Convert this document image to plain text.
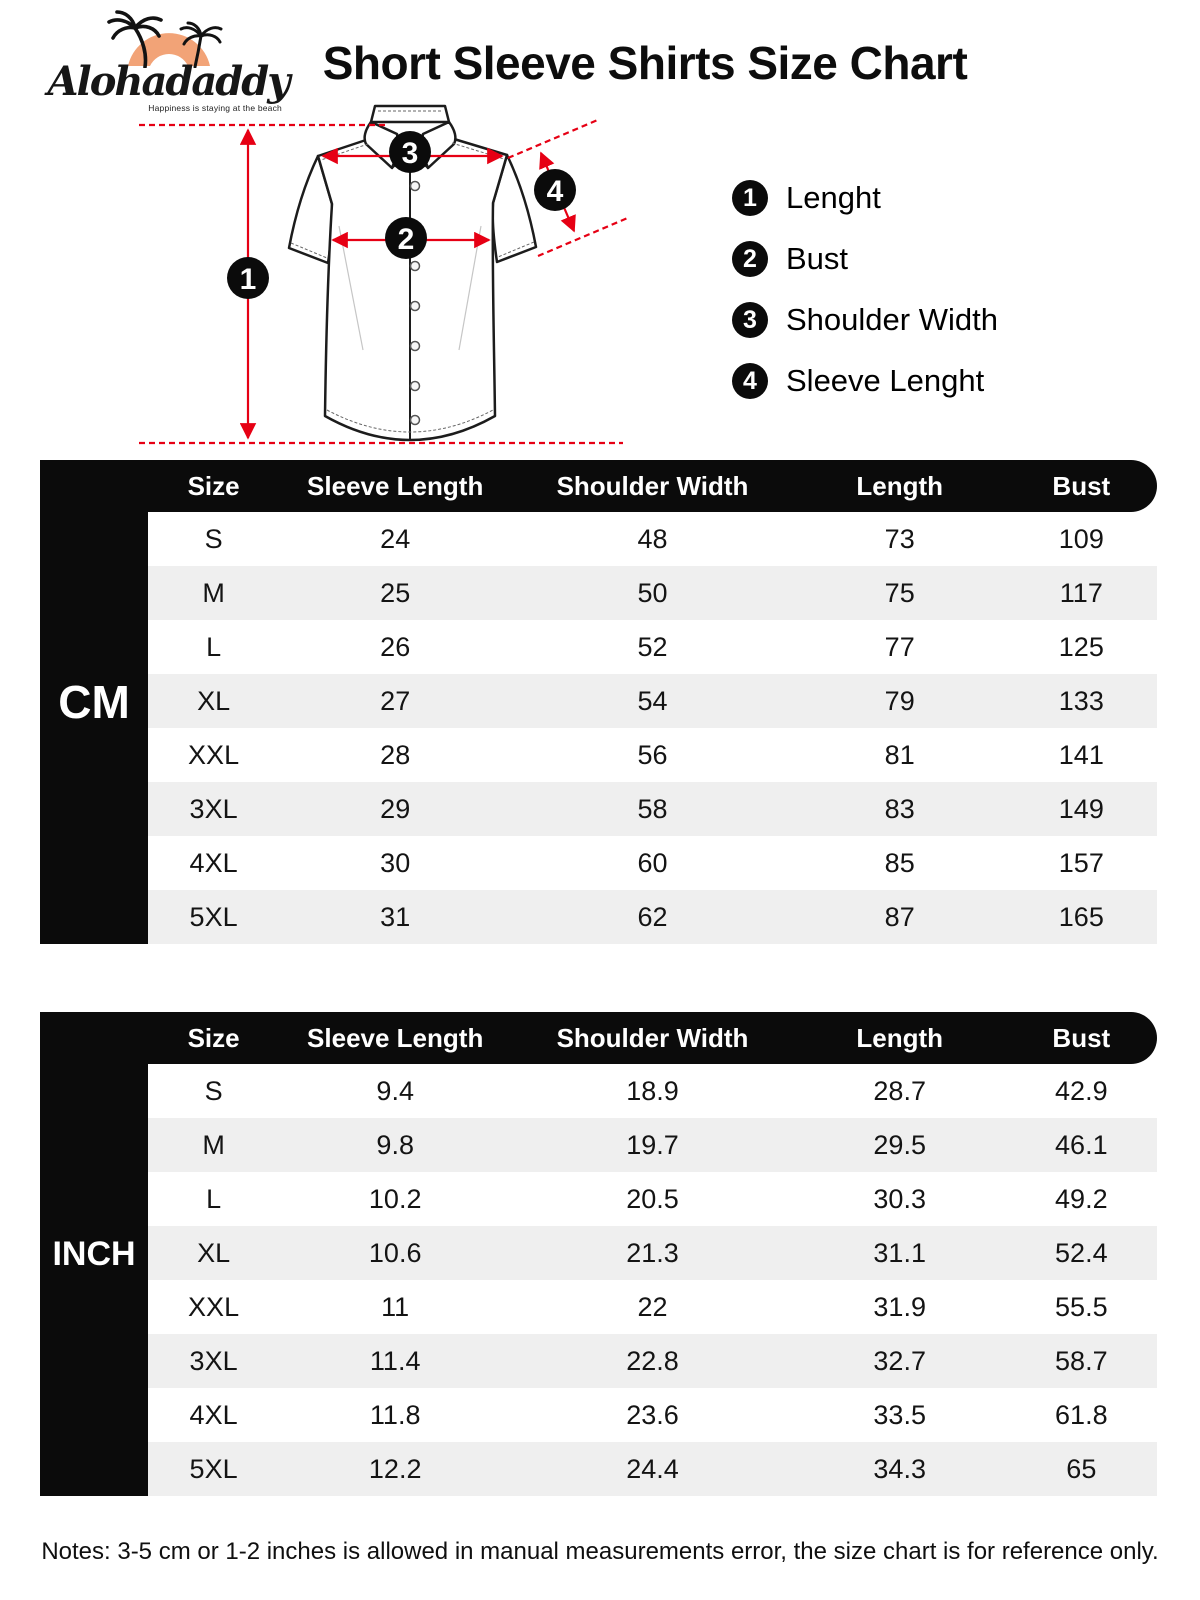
Alohadaddy
Happiness is staying at the beach
Short Sleeve Shirts Size Chart
1
2
3
4	1 Lenght
2 Bust
3 Shoulder Width
4 Sleeve Lenght
CM
Size	Sleeve Length	Shoulder Width	Length	Bust
S	24	48	73	109
M	25	50	75	117
L	26	52	77	125
XL	27	54	79	133
XXL	28	56	81	141
3XL	29	58	83	149
4XL	30	60	85	157
5XL	31	62	87	165
INCH
Size	Sleeve Length	Shoulder Width	Length	Bust
S	9.4	18.9	28.7	42.9
M	9.8	19.7	29.5	46.1
L	10.2	20.5	30.3	49.2
XL	10.6	21.3	31.1	52.4
XXL	11	22	31.9	55.5
3XL	11.4	22.8	32.7	58.7
4XL	11.8	23.6	33.5	61.8
5XL	12.2	24.4	34.3	65
Notes: 3-5 cm or 1-2 inches is allowed in manual measurements error, the size chart is for reference only.
